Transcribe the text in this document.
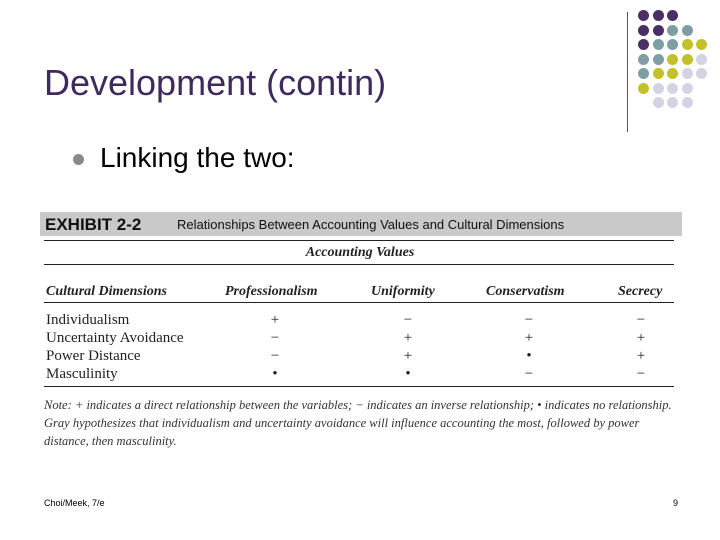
Development (contin)
Linking the two:
EXHIBIT 2-2	Relationships Between Accounting Values and Cultural Dimensions
Accounting Values
Cultural Dimensions	Professionalism	Uniformity	Conservatism	Secrecy
Individualism	+	−	−	−
Uncertainty Avoidance	−	+	+	+
Power Distance	−	+	•	+
Masculinity	•	•	−	−
Note: + indicates a direct relationship between the variables; − indicates an inverse relationship; • indicates no relationship. Gray hypothesizes that individualism and uncertainty avoidance will influence accounting the most, followed by power distance, then masculinity.
Choi/Meek, 7/e	9
